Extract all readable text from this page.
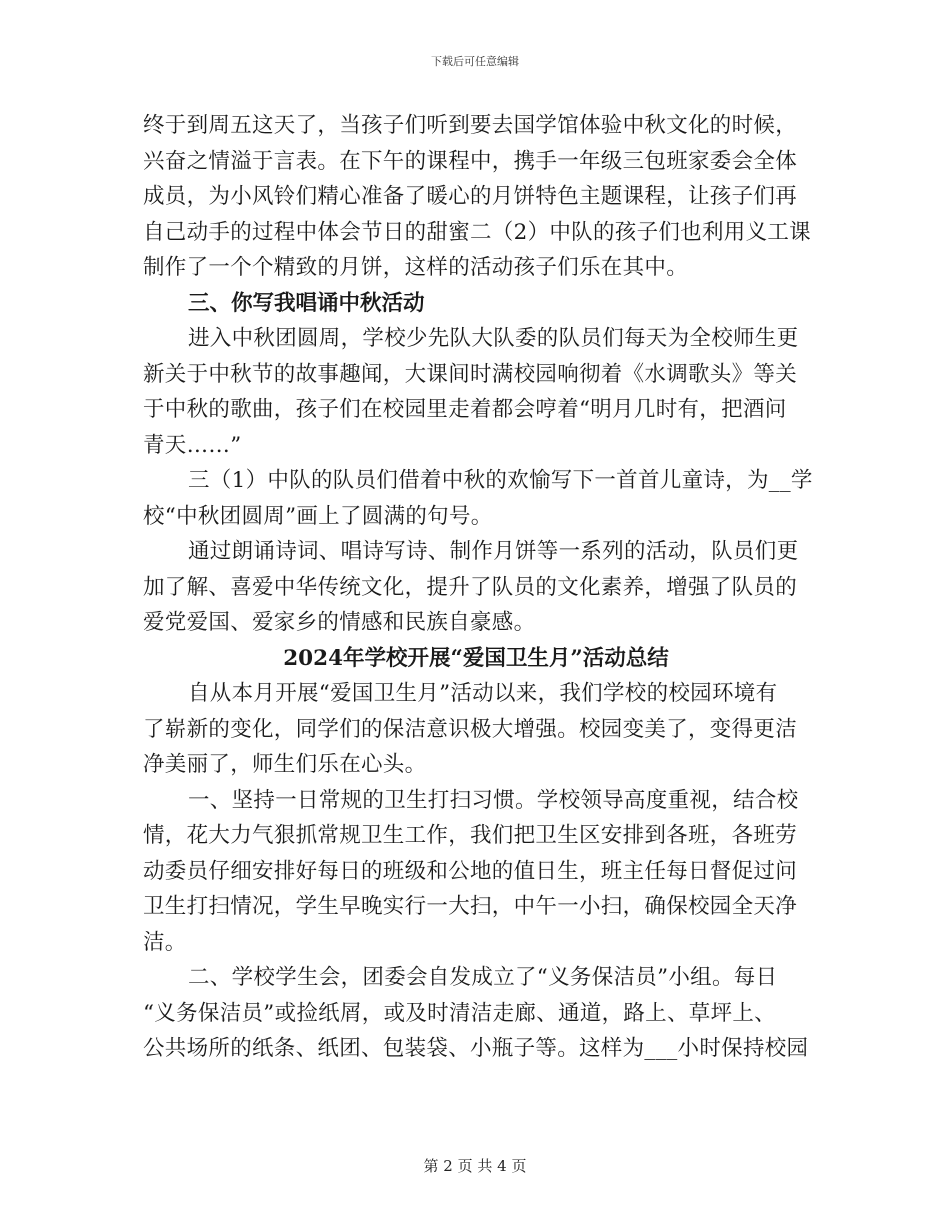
下载后可任意编辑
终于到周五这天了，当孩子们听到要去国学馆体验中秋文化的时候，
兴奋之情溢于言表。在下午的课程中，携手一年级三包班家委会全体
成员，为小风铃们精心准备了暖心的月饼特色主题课程，让孩子们再
自己动手的过程中体会节日的甜蜜二（2）中队的孩子们也利用义工课
制作了一个个精致的月饼，这样的活动孩子们乐在其中。
三、你写我唱诵中秋活动
进入中秋团圆周，学校少先队大队委的队员们每天为全校师生更
新关于中秋节的故事趣闻，大课间时满校园响彻着《水调歌头》等关
于中秋的歌曲，孩子们在校园里走着都会哼着“明月几时有，把酒问
青天……”
三（1）中队的队员们借着中秋的欢愉写下一首首儿童诗，为__学
校“中秋团圆周”画上了圆满的句号。
通过朗诵诗词、唱诗写诗、制作月饼等一系列的活动，队员们更
加了解、喜爱中华传统文化，提升了队员的文化素养，增强了队员的
爱党爱国、爱家乡的情感和民族自豪感。
2024年学校开展“爱国卫生月”活动总结
自从本月开展“爱国卫生月”活动以来，我们学校的校园环境有
了崭新的变化，同学们的保洁意识极大增强。校园变美了，变得更洁
净美丽了，师生们乐在心头。
一、坚持一日常规的卫生打扫习惯。学校领导高度重视，结合校
情，花大力气狠抓常规卫生工作，我们把卫生区安排到各班，各班劳
动委员仔细安排好每日的班级和公地的值日生，班主任每日督促过问
卫生打扫情况，学生早晚实行一大扫，中午一小扫，确保校园全天净
洁。
二、学校学生会，团委会自发成立了“义务保洁员”小组。每日
“义务保洁员”或捡纸屑，或及时清洁走廊、通道，路上、草坪上、
公共场所的纸条、纸团、包装袋、小瓶子等。这样为___小时保持校园
第 2 页 共 4 页
